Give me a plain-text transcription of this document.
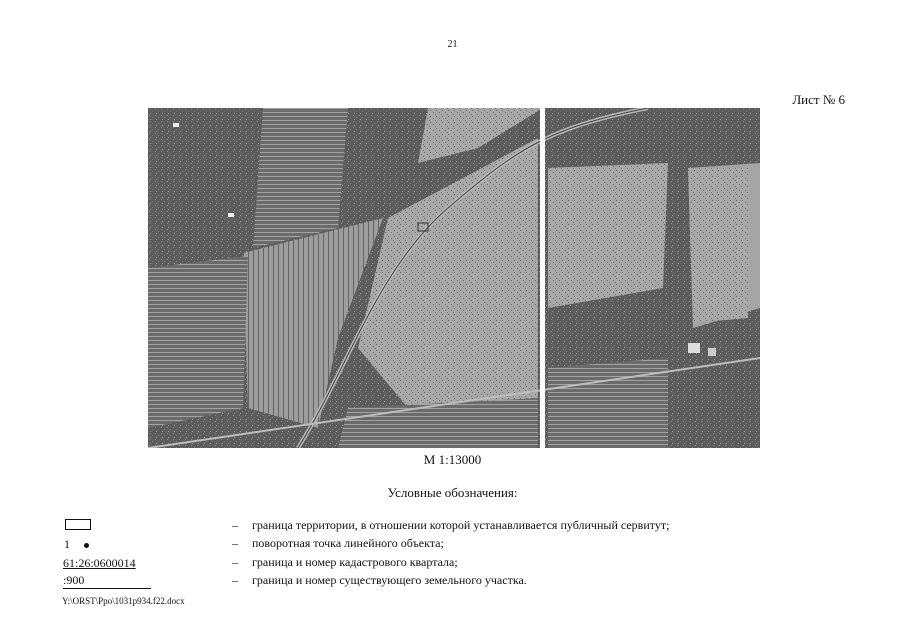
21
Лист № 6
М 1:13000
Условные обозначения:
1
61:26:0600014
:900
– граница территории, в отношении которой устанавливается публичный сервитут;
– поворотная точка линейного объекта;
– граница и номер кадастрового квартала;
– граница и номер существующего земельного участка.
Y:\ORST\Ppo\1031p934.f22.docx
